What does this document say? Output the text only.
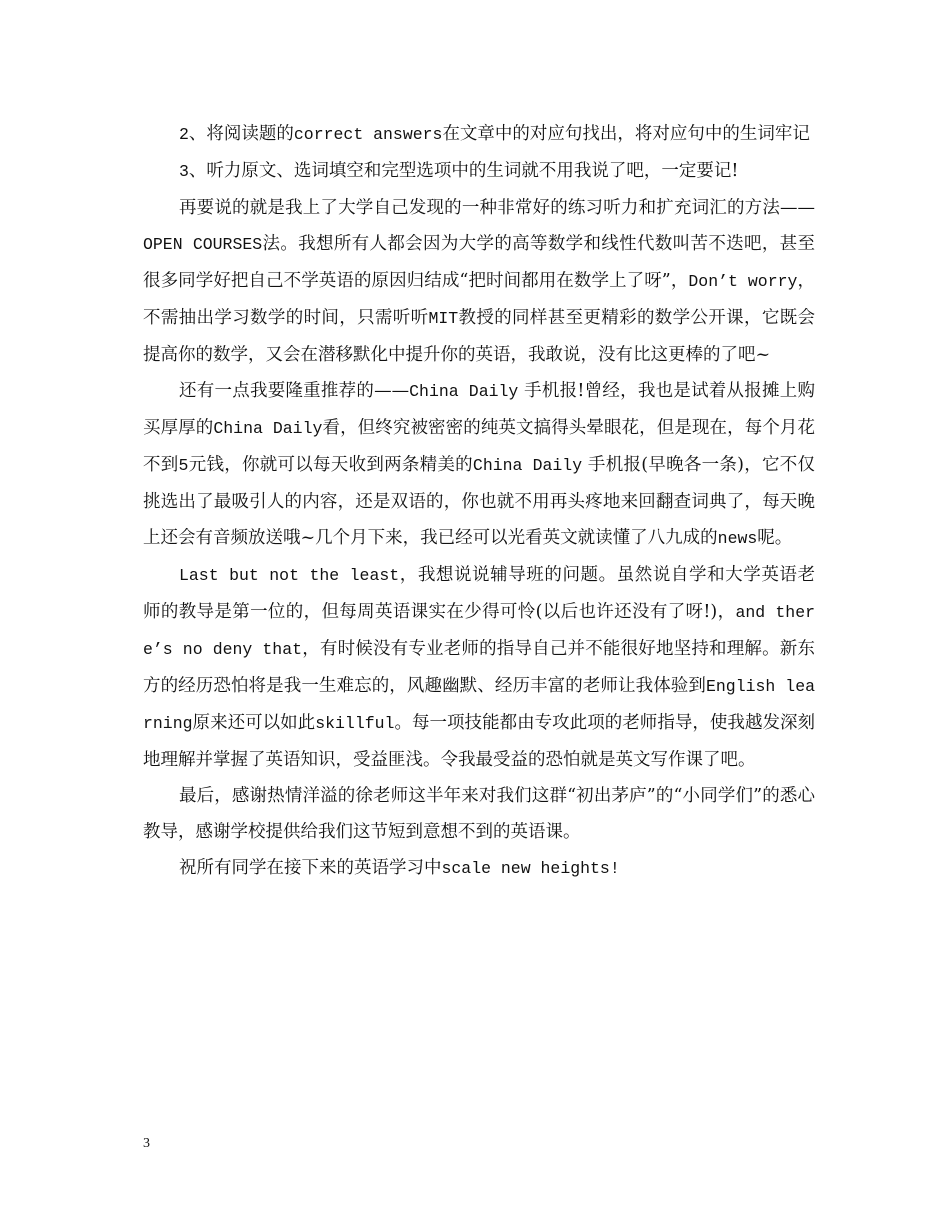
2、将阅读题的correct answers在文章中的对应句找出，将对应句中的生词牢记

3、听力原文、选词填空和完型选项中的生词就不用我说了吧，一定要记!

再要说的就是我上了大学自己发现的一种非常好的练习听力和扩充词汇的方法——OPEN COURSES法。我想所有人都会因为大学的高等数学和线性代数叫苦不迭吧，甚至很多同学好把自己不学英语的原因归结成“把时间都用在数学上了呀”，Don’t worry， 不需抽出学习数学的时间，只需听听MIT教授的同样甚至更精彩的数学公开课，它既会提高你的数学，又会在潜移默化中提升你的英语，我敢说，没有比这更棒的了吧~

还有一点我要隆重推荐的——China Daily 手机报!曾经，我也是试着从报摊上购买厚厚的China Daily看，但终究被密密的纯英文搞得头晕眼花，但是现在，每个月花不到5元钱，你就可以每天收到两条精美的China Daily 手机报(早晚各一条)，它不仅挑选出了最吸引人的内容，还是双语的，你也就不用再头疼地来回翻查词典了，每天晚上还会有音频放送哦~几个月下来，我已经可以光看英文就读懂了八九成的news呢。

Last but not the least，我想说说辅导班的问题。虽然说自学和大学英语老师的教导是第一位的，但每周英语课实在少得可怜(以后也许还没有了呀!)，and there’s no deny that，有时候没有专业老师的指导自己并不能很好地坚持和理解。新东方的经历恐怕将是我一生难忘的，风趣幽默、经历丰富的老师让我体验到English learning原来还可以如此skillful。每一项技能都由专攻此项的老师指导，使我越发深刻地理解并掌握了英语知识，受益匪浅。令我最受益的恐怕就是英文写作课了吧。

最后，感谢热情洋溢的徐老师这半年来对我们这群“初出茅庐”的“小同学们”的悉心教导，感谢学校提供给我们这节短到意想不到的英语课。

祝所有同学在接下来的英语学习中scale new heights!

3
